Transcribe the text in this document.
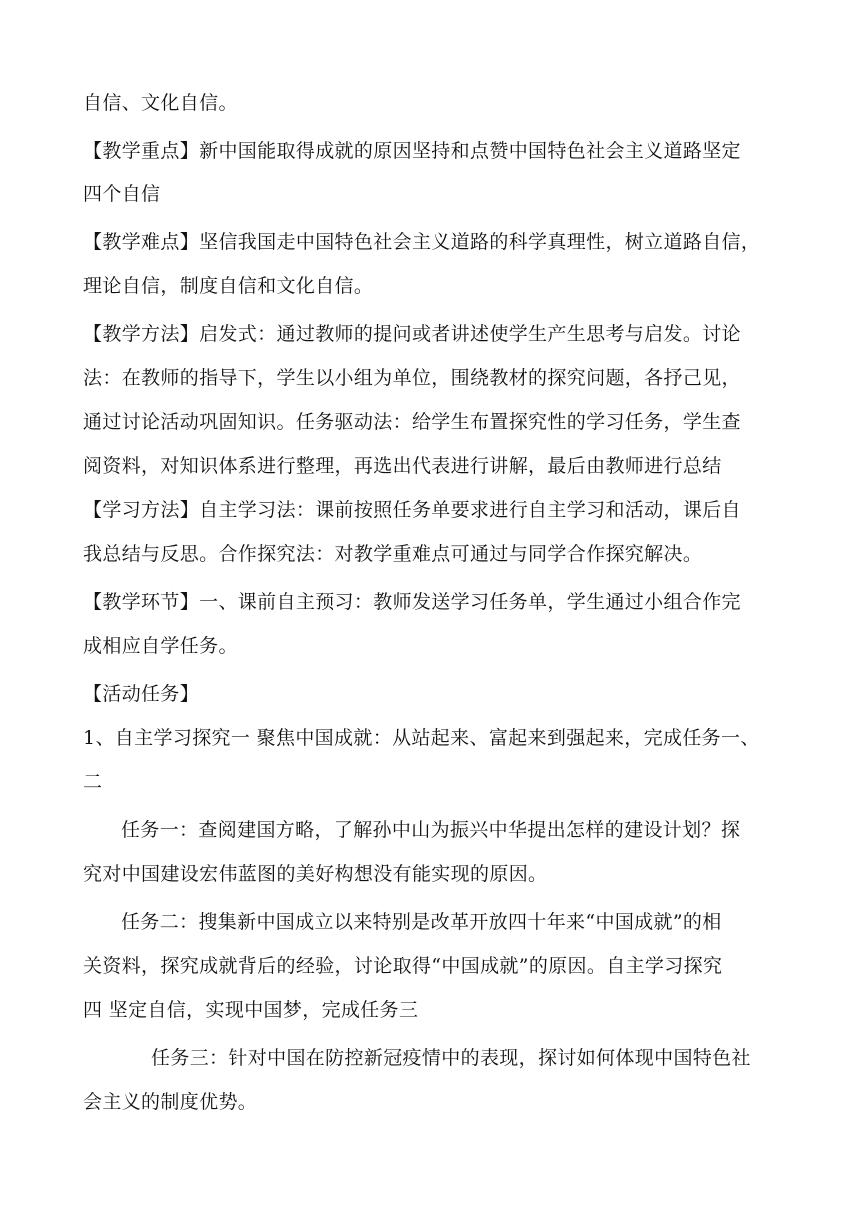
自信、文化自信。
【教学重点】新中国能取得成就的原因坚持和点赞中国特色社会主义道路坚定
四个自信
【教学难点】坚信我国走中国特色社会主义道路的科学真理性，树立道路自信，
理论自信，制度自信和文化自信。
【教学方法】启发式：通过教师的提问或者讲述使学生产生思考与启发。讨论
法：在教师的指导下，学生以小组为单位，围绕教材的探究问题，各抒己见，
通过讨论活动巩固知识。任务驱动法：给学生布置探究性的学习任务，学生查
阅资料，对知识体系进行整理，再选出代表进行讲解，最后由教师进行总结
【学习方法】自主学习法：课前按照任务单要求进行自主学习和活动，课后自
我总结与反思。合作探究法：对教学重难点可通过与同学合作探究解决。
【教学环节】一、课前自主预习：教师发送学习任务单，学生通过小组合作完
成相应自学任务。
【活动任务】
1、自主学习探究一 聚焦中国成就：从站起来、富起来到强起来，完成任务一、
二
任务一：查阅建国方略，了解孙中山为振兴中华提出怎样的建设计划？探
究对中国建设宏伟蓝图的美好构想没有能实现的原因。
任务二：搜集新中国成立以来特别是改革开放四十年来“中国成就”的相
关资料，探究成就背后的经验，讨论取得“中国成就”的原因。自主学习探究
四 坚定自信，实现中国梦，完成任务三
任务三：针对中国在防控新冠疫情中的表现，探讨如何体现中国特色社
会主义的制度优势。
